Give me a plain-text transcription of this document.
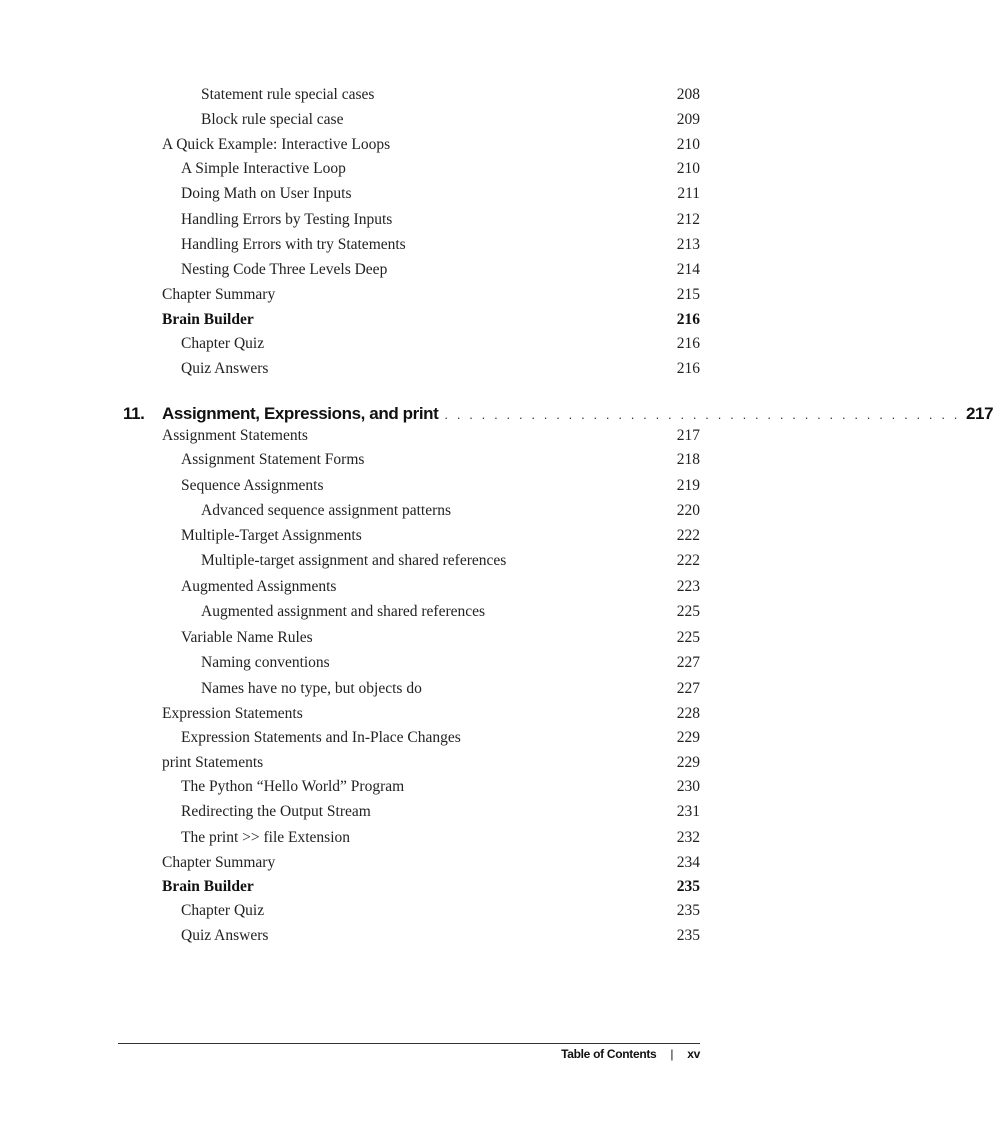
Statement rule special cases	208
Block rule special case	209
A Quick Example: Interactive Loops	210
A Simple Interactive Loop	210
Doing Math on User Inputs	211
Handling Errors by Testing Inputs	212
Handling Errors with try Statements	213
Nesting Code Three Levels Deep	214
Chapter Summary	215
Brain Builder	216
Chapter Quiz	216
Quiz Answers	216
11.	Assignment, Expressions, and print . . . . . . . . . . . . . . . . . . . . . . . . . . . . . . . . . . . . . . . . . . 217
Assignment Statements	217
Assignment Statement Forms	218
Sequence Assignments	219
Advanced sequence assignment patterns	220
Multiple-Target Assignments	222
Multiple-target assignment and shared references	222
Augmented Assignments	223
Augmented assignment and shared references	225
Variable Name Rules	225
Naming conventions	227
Names have no type, but objects do	227
Expression Statements	228
Expression Statements and In-Place Changes	229
print Statements	229
The Python “Hello World” Program	230
Redirecting the Output Stream	231
The print >> file Extension	232
Chapter Summary	234
Brain Builder	235
Chapter Quiz	235
Quiz Answers	235
Table of Contents | xv
